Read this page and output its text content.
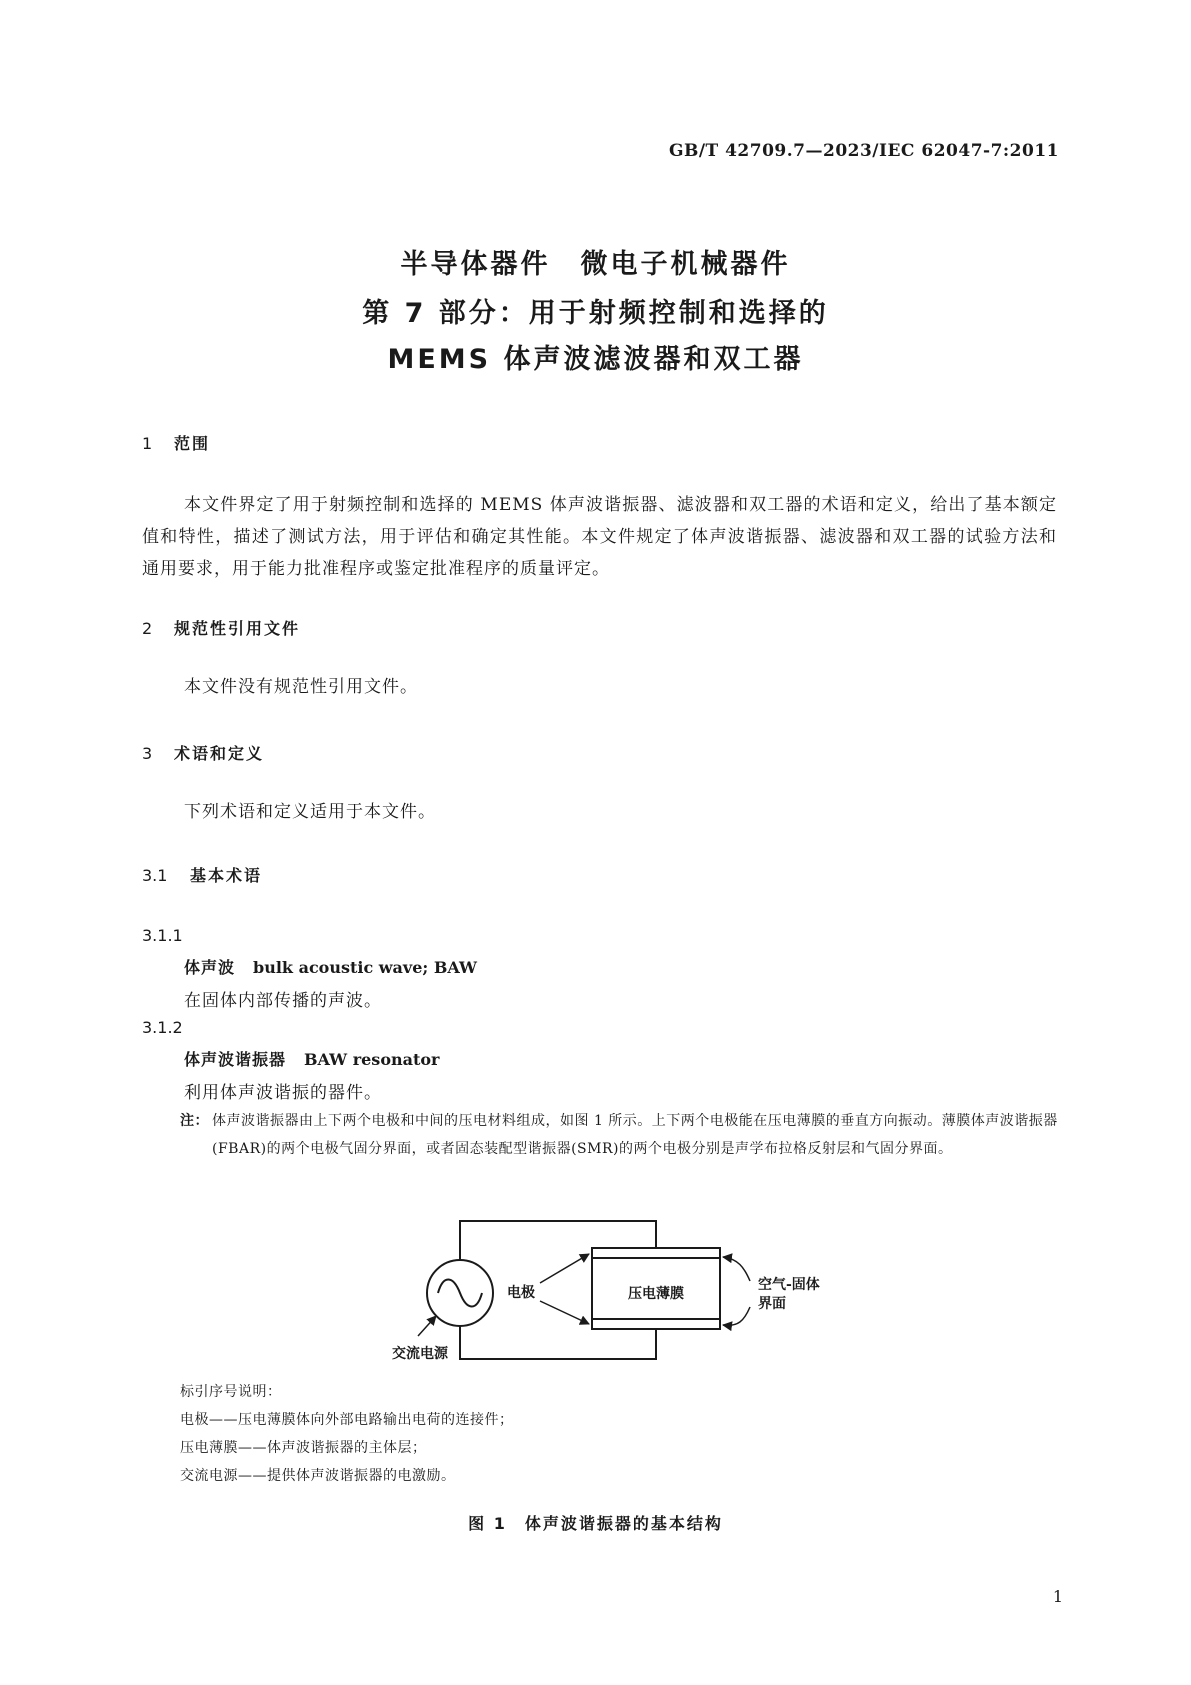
GB/T 42709.7—2023/IEC 62047-7:2011
半导体器件　微电子机械器件
第 7 部分：用于射频控制和选择的
MEMS 体声波滤波器和双工器
1 范围
本文件界定了用于射频控制和选择的 MEMS 体声波谐振器、滤波器和双工器的术语和定义，给出了基本额定值和特性，描述了测试方法，用于评估和确定其性能。本文件规定了体声波谐振器、滤波器和双工器的试验方法和通用要求，用于能力批准程序或鉴定批准程序的质量评定。
2 规范性引用文件
本文件没有规范性引用文件。
3 术语和定义
下列术语和定义适用于本文件。
3.1 基本术语
3.1.1
体声波 bulk acoustic wave; BAW
在固体内部传播的声波。
3.1.2
体声波谐振器 BAW resonator
利用体声波谐振的器件。
注： 体声波谐振器由上下两个电极和中间的压电材料组成，如图 1 所示。上下两个电极能在压电薄膜的垂直方向振动。薄膜体声波谐振器(FBAR)的两个电极气固分界面，或者固态装配型谐振器(SMR)的两个电极分别是声学布拉格反射层和气固分界面。
压电薄膜
电极	空气-固体
界面
交流电源
标引序号说明：
电极——压电薄膜体向外部电路输出电荷的连接件；
压电薄膜——体声波谐振器的主体层；
交流电源——提供体声波谐振器的电激励。
图 1　体声波谐振器的基本结构
1
